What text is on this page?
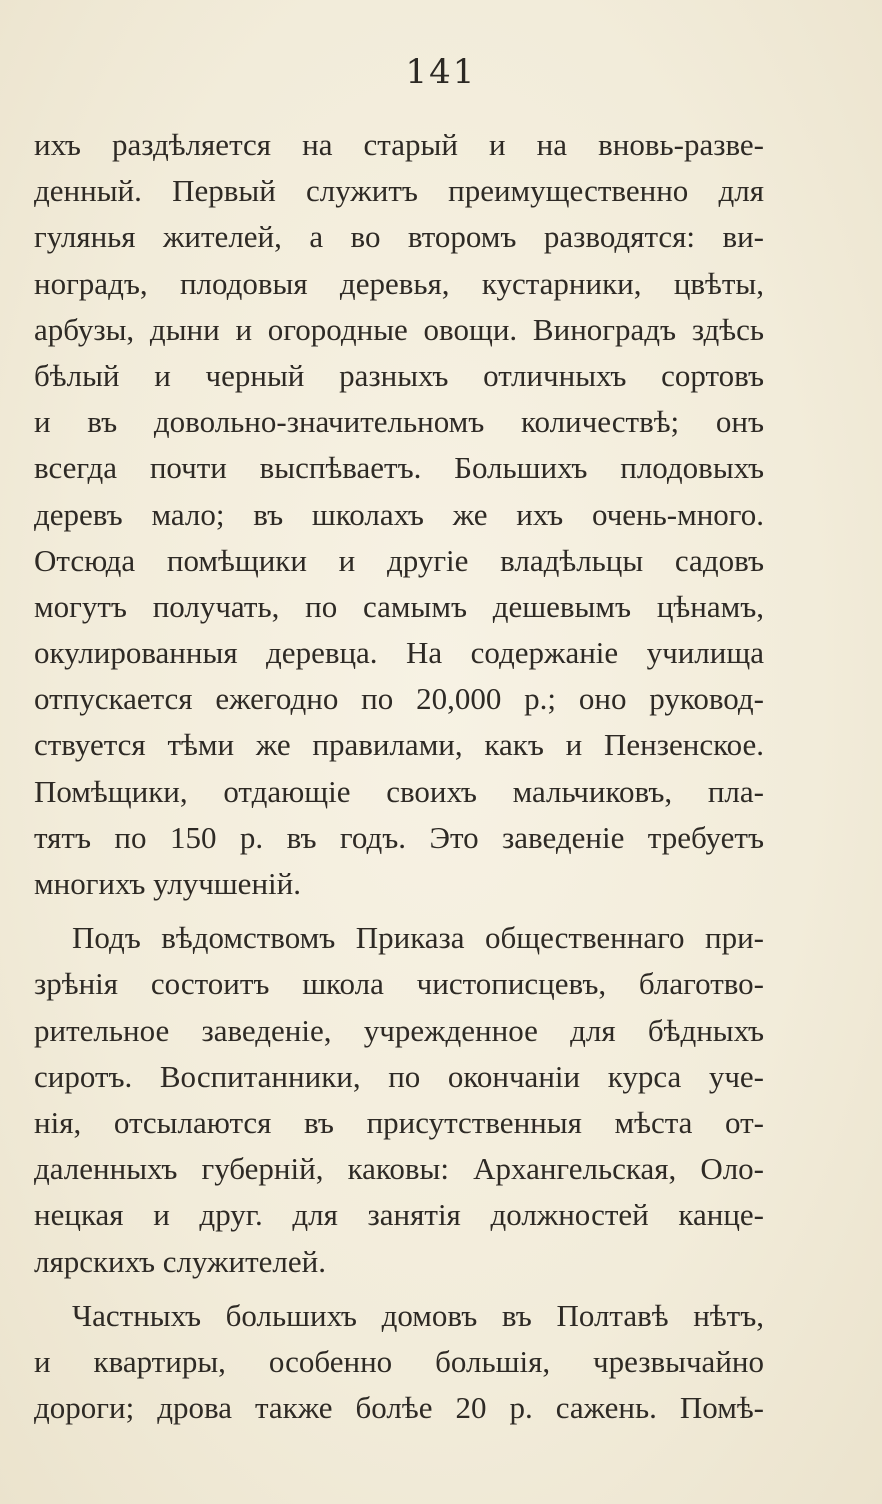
141
ихъ раздѣляется на старый и на вновь-разве-
денный. Первый служитъ преимущественно для
гулянья жителей, а во второмъ разводятся: ви-
ноградъ, плодовыя деревья, кустарники, цвѣты,
арбузы, дыни и огородные овощи. Виноградъ здѣсь
бѣлый и черный разныхъ отличныхъ сортовъ
и въ довольно-значительномъ количествѣ; онъ
всегда почти выспѣваетъ. Большихъ плодовыхъ
деревъ мало; въ школахъ же ихъ очень-много.
Отсюда помѣщики и другіе владѣльцы садовъ
могутъ получать, по самымъ дешевымъ цѣнамъ,
окулированныя деревца. На содержаніе училища
отпускается ежегодно по 20,000 р.; оно руковод-
ствуется тѣми же правилами, какъ и Пензенское.
Помѣщики, отдающіе своихъ мальчиковъ, пла-
тятъ по 150 р. въ годъ. Это заведеніе требуетъ
многихъ улучшеній.
Подъ вѣдомствомъ Приказа общественнаго при-
зрѣнія состоитъ школа чистописцевъ, благотво-
рительное заведеніе, учрежденное для бѣдныхъ
сиротъ. Воспитанники, по окончаніи курса уче-
нія, отсылаются въ присутственныя мѣста от-
даленныхъ губерній, каковы: Архангельская, Оло-
нецкая и друг. для занятія должностей канце-
лярскихъ служителей.
Частныхъ большихъ домовъ въ Полтавѣ нѣтъ,
и квартиры, особенно большія, чрезвычайно
дороги; дрова также болѣе 20 р. сажень. Помѣ-
